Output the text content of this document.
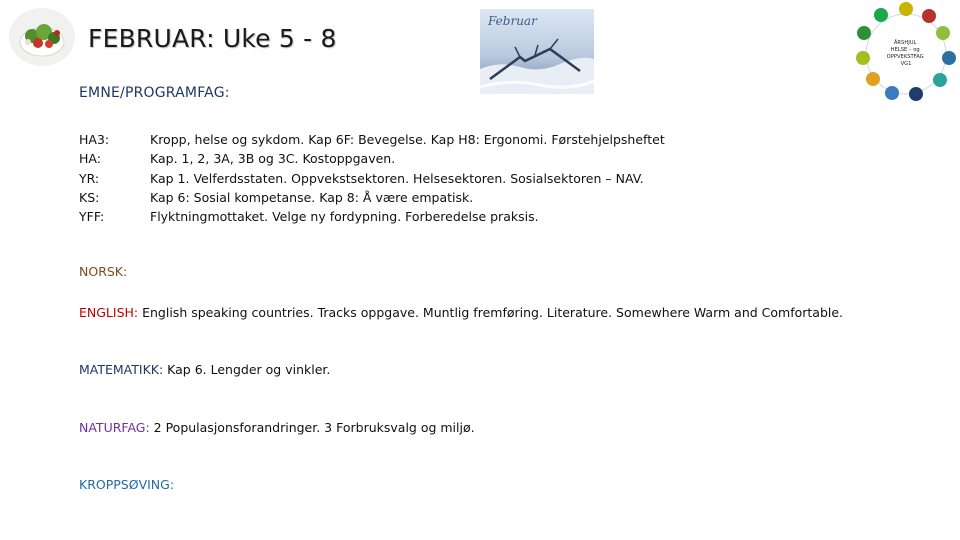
FEBRUAR: Uke 5 - 8
Februar
ÅRSHJUL HELSE – og OPPVEKSTFAG VG1
EMNE/PROGRAMFAG:
HA3:	Kropp, helse og sykdom. Kap 6F: Bevegelse. Kap H8: Ergonomi. Førstehjelpsheftet
HA:	Kap. 1, 2, 3A, 3B og 3C. Kostoppgaven.
YR:	Kap 1. Velferdsstaten. Oppvekstsektoren. Helsesektoren. Sosialsektoren – NAV.
KS:	Kap 6: Sosial kompetanse. Kap 8: Å være empatisk.
YFF:	Flyktningmottaket. Velge ny fordypning. Forberedelse praksis.
NORSK:
ENGLISH: English speaking countries. Tracks oppgave. Muntlig fremføring. Literature. Somewhere Warm and Comfortable.
MATEMATIKK: Kap 6. Lengder og vinkler.
NATURFAG: 2 Populasjonsforandringer. 3 Forbruksvalg og miljø.
KROPPSØVING:
